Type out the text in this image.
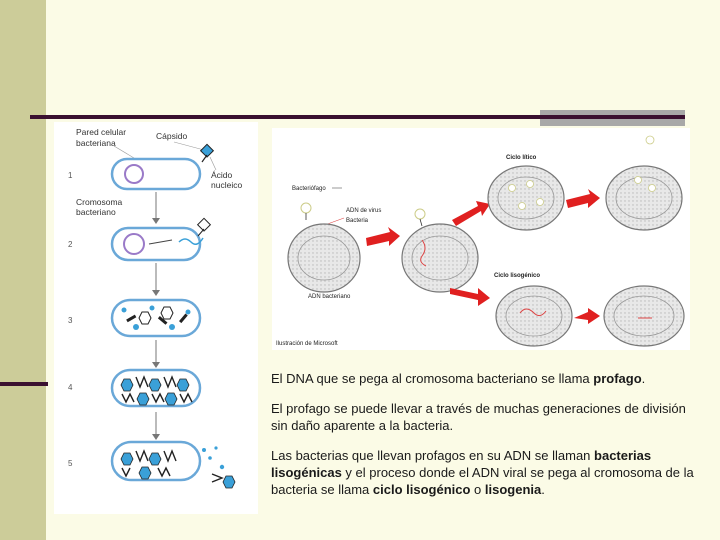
Pared celular
bacteriana
Cápsido
Ácido
nucleico
Cromosoma
bacteriano
1
2
3
4
5
Ciclo lítico
Bacteriófago
ADN de virus
Bacteria
Ciclo lisogénico
ADN bacteriano
Ilustración de Microsoft

El DNA que se pega al cromosoma bacteriano se llama profago.

El profago se puede llevar a través de muchas generaciones de división sin daño aparente a la bacteria.

Las bacterias que llevan profagos en su ADN se llaman bacterias lisogénicas y el proceso donde el ADN viral se pega al cromosoma de la bacteria se llama ciclo lisogénico o lisogenia.
